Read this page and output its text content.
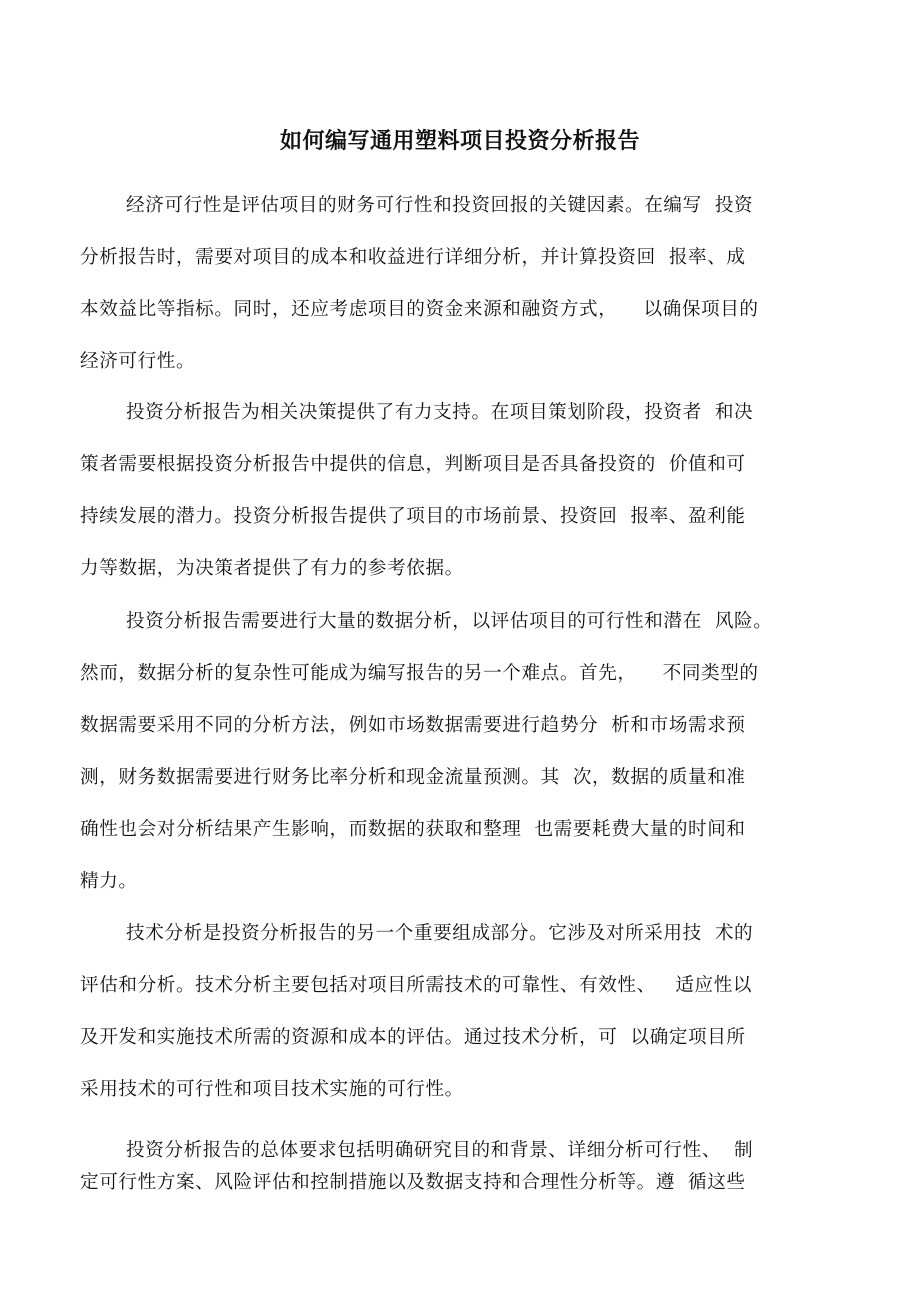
如何编写通用塑料项目投资分析报告
经济可行性是评估项目的财务可行性和投资回报的关键因素。在编写  投资
分析报告时，需要对项目的成本和收益进行详细分析，并计算投资回  报率、成
本效益比等指标。同时，还应考虑项目的资金来源和融资方式，    以确保项目的
经济可行性。
投资分析报告为相关决策提供了有力支持。在项目策划阶段，投资者  和决
策者需要根据投资分析报告中提供的信息，判断项目是否具备投资的  价值和可
持续发展的潜力。投资分析报告提供了项目的市场前景、投资回  报率、盈利能
力等数据，为决策者提供了有力的参考依据。
投资分析报告需要进行大量的数据分析，以评估项目的可行性和潜在  风险。
然而，数据分析的复杂性可能成为编写报告的另一个难点。首先，    不同类型的
数据需要采用不同的分析方法，例如市场数据需要进行趋势分  析和市场需求预
测，财务数据需要进行财务比率分析和现金流量预测。其  次，数据的质量和准
确性也会对分析结果产生影响，而数据的获取和整理  也需要耗费大量的时间和
精力。
技术分析是投资分析报告的另一个重要组成部分。它涉及对所采用技  术的
评估和分析。技术分析主要包括对项目所需技术的可靠性、有效性、   适应性以
及开发和实施技术所需的资源和成本的评估。通过技术分析，可  以确定项目所
采用技术的可行性和项目技术实施的可行性。
投资分析报告的总体要求包括明确研究目的和背景、详细分析可行性、  制
定可行性方案、风险评估和控制措施以及数据支持和合理性分析等。遵  循这些
